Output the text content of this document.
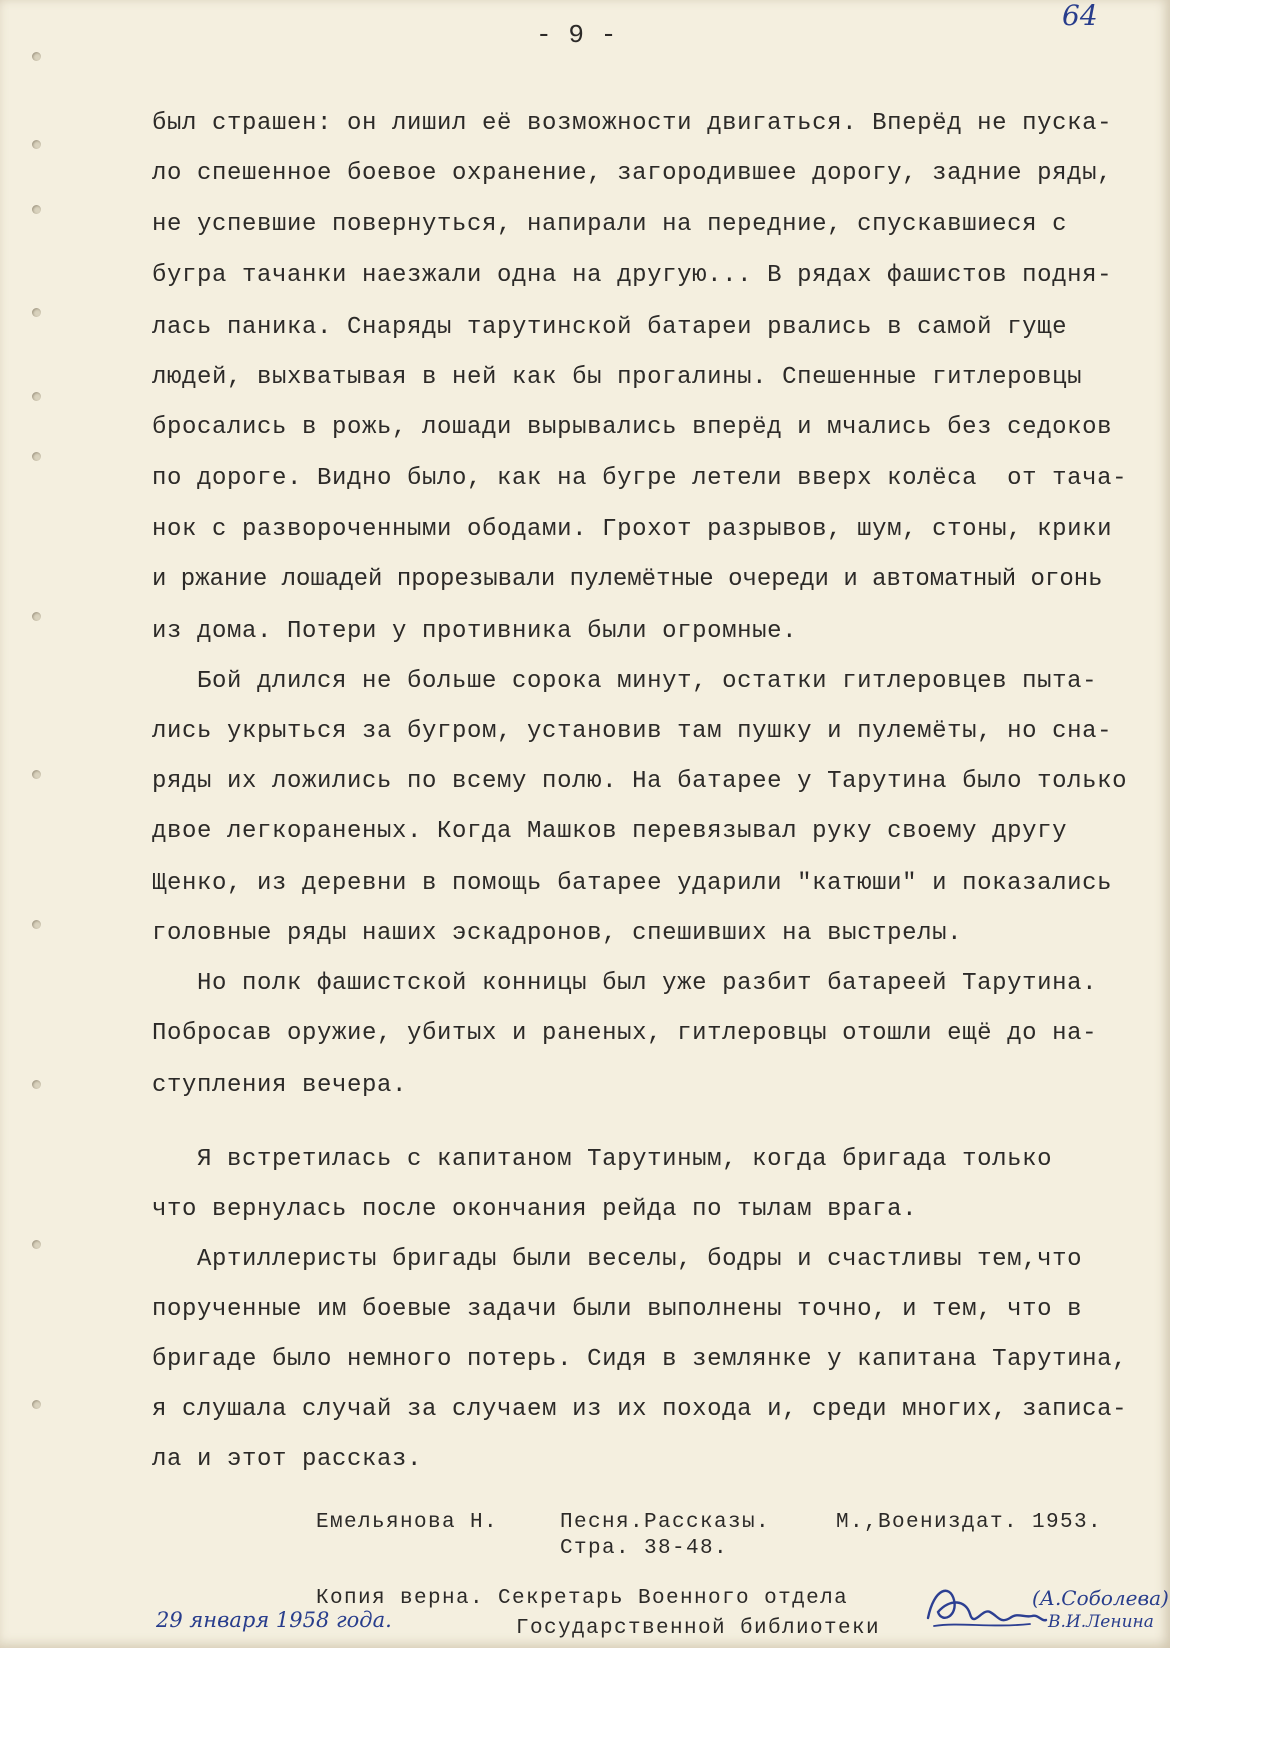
- 9 -
64
был страшен: он лишил её возможности двигаться. Вперёд не пуска-
ло спешенное боевое охранение, загородившее дорогу, задние ряды,
не успевшие повернуться, напирали на передние, спускавшиеся с
бугра тачанки наезжали одна на другую... В рядах фашистов подня-
лась паника. Снаряды тарутинской батареи рвались в самой гуще
людей, выхватывая в ней как бы прогалины. Спешенные гитлеровцы
бросались в рожь, лошади вырывались вперёд и мчались без седоков
по дороге. Видно было, как на бугре летели вверх колёса  от тача-
нок с развороченными ободами. Грохот разрывов, шум, стоны, крики
и ржание лошадей прорезывали пулемётные очереди и автоматный огонь
из дома. Потери у противника были огромные.
Бой длился не больше сорока минут, остатки гитлеровцев пыта-
лись укрыться за бугром, установив там пушку и пулемёты, но сна-
ряды их ложились по всему полю. На батарее у Тарутина было только
двое легкораненых. Когда Машков перевязывал руку своему другу
Щенко, из деревни в помощь батарее ударили "катюши" и показались
головные ряды наших эскадронов, спешивших на выстрелы.
Но полк фашистской конницы был уже разбит батареей Тарутина.
Побросав оружие, убитых и раненых, гитлеровцы отошли ещё до на-
ступления вечера.
Я встретилась с капитаном Тарутиным, когда бригада только
что вернулась после окончания рейда по тылам врага.
Артиллеристы бригады были веселы, бодры и счастливы тем,что
порученные им боевые задачи были выполнены точно, и тем, что в
бригаде было немного потерь. Сидя в землянке у капитана Тарутина,
я слушала случай за случаем из их похода и, среди многих, записа-
ла и этот рассказ.
Емельянова Н.	Песня.Рассказы.	М.,Воениздат. 1953.
Стра. 38-48.
Копия верна. Секретарь Военного отдела
Государственной библиотеки
29 января 1958 года.
(А.Соболева)
В.И.Ленина
